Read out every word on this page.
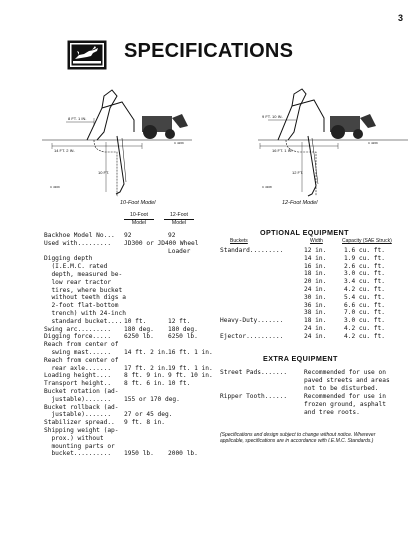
3
SPECIFICATIONS
8 FT. 1 IN.
14 FT. 2 IN.
10 FT.
C 4269
C 4309
10-Foot Model
9 FT. 10 IN.
16 FT. 1 IN.
12 FT.
C 4269
C 4308
12-Foot Model
10-Foot
Model
12-Foot
Model
Backhoe Model No...	92	92
Used with.........	JD300 or JD400 Wheel
Loader
Digging depth
(I.E.M.C. rated
depth, measured be-
low rear tractor
tires, where bucket
without teeth digs a
2-foot flat-bottom
trench) with 24-inch
standard bucket.... 10 ft.	12 ft.
Swing arc.........	180 deg.	180 deg.
Digging force.....	6250 lb.	6250 lb.
Reach from center of
swing mast......	14 ft. 2 in. 16 ft. 1 in.
Reach from center of
rear axle.......	17 ft. 2 in. 19 ft. 1 in.
Loading height....	8 ft. 9 in. 9 ft. 10 in.
Transport height..	8 ft. 6 in. 10 ft.
Bucket rotation (ad-
justable).......	155 or 170 deg.
Bucket rollback (ad-
justable).......	27 or 45 deg.
Stabilizer spread..	9 ft. 8 in.
Shipping weight (ap-
prox.) without
mounting parts or
bucket..........	1950 lb.	2000 lb.
OPTIONAL EQUIPMENT
Buckets	Width	Capacity (SAE Struck)
Standard.........	12 in.	1.6 cu. ft.
14 in.	1.9 cu. ft.
16 in.	2.6 cu. ft.
18 in.	3.0 cu. ft.
20 in.	3.4 cu. ft.
24 in.	4.2 cu. ft.
30 in.	5.4 cu. ft.
36 in.	6.6 cu. ft.
38 in.	7.0 cu. ft.
Heavy-Duty.......	18 in.	3.0 cu. ft.
24 in.	4.2 cu. ft.
Ejector..........	24 in.	4.2 cu. ft.
EXTRA EQUIPMENT
Street Pads.......	Recommended for use on
paved streets and areas
not to be disturbed.
Ripper Tooth......	Recommended for use in
frozen ground, asphalt
and tree roots.
(Specifications and design subject to change without notice. Wherever applicable, specifications are in accordance with I.E.M.C. Standards.)
